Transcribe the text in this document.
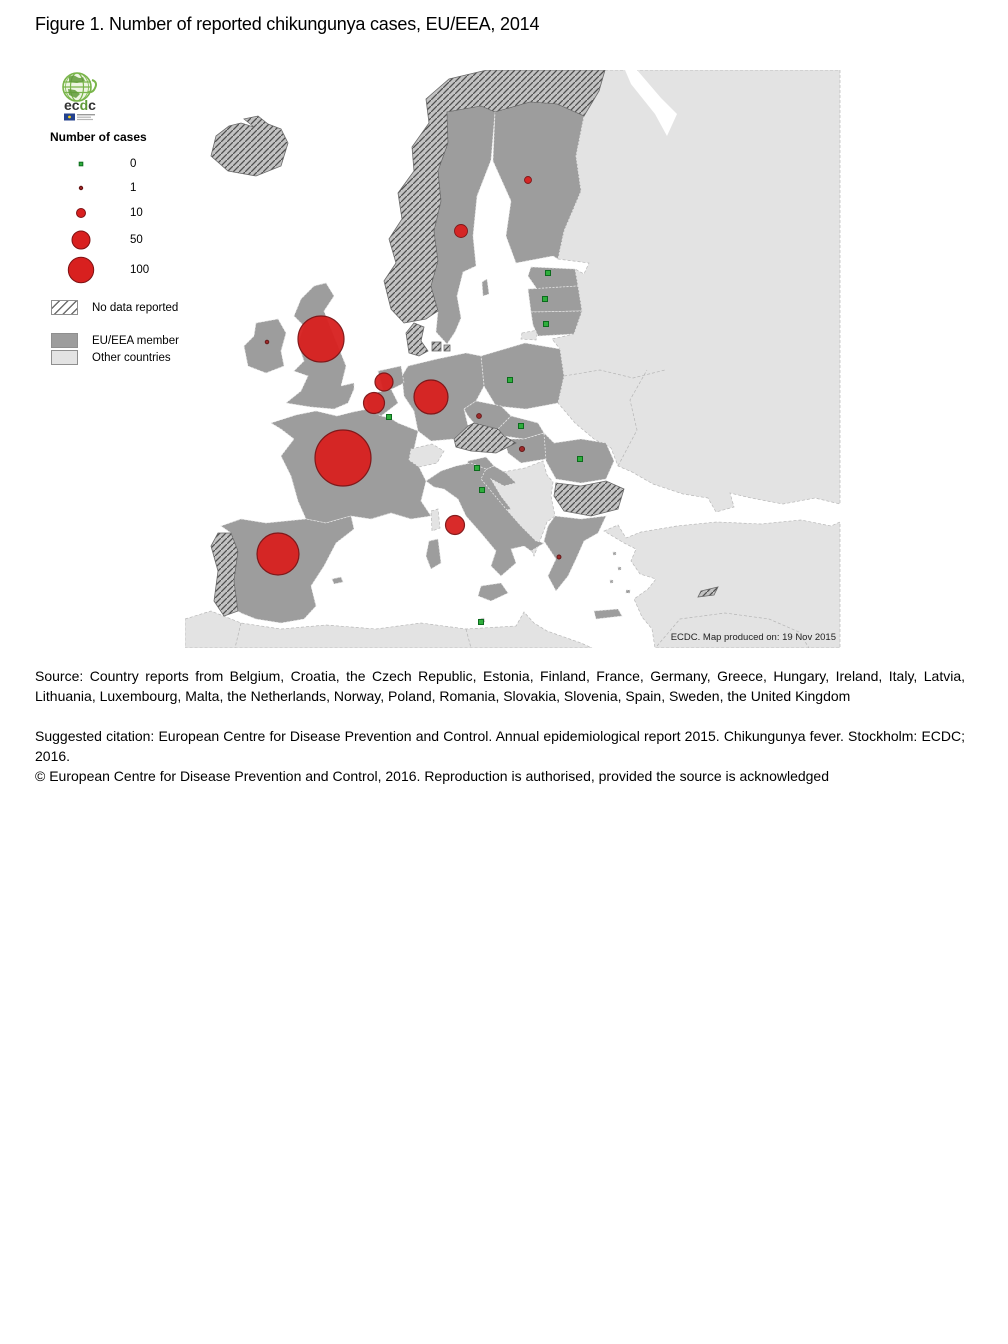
Figure 1. Number of reported chikungunya cases, EU/EEA, 2014
ecdc
Number of cases
0
1
10
50
100
No data reported
EU/EEA member
Other countries
ECDC. Map produced on: 19 Nov 2015

Source: Country reports from Belgium, Croatia, the Czech Republic, Estonia, Finland, France, Germany, Greece, Hungary, Ireland, Italy, Latvia, Lithuania, Luxembourg, Malta, the Netherlands, Norway, Poland, Romania, Slovakia, Slovenia, Spain, Sweden, the United Kingdom

Suggested citation: European Centre for Disease Prevention and Control. Annual epidemiological report 2015. Chikungunya fever. Stockholm: ECDC; 2016.

© European Centre for Disease Prevention and Control, 2016. Reproduction is authorised, provided the source is acknowledged
